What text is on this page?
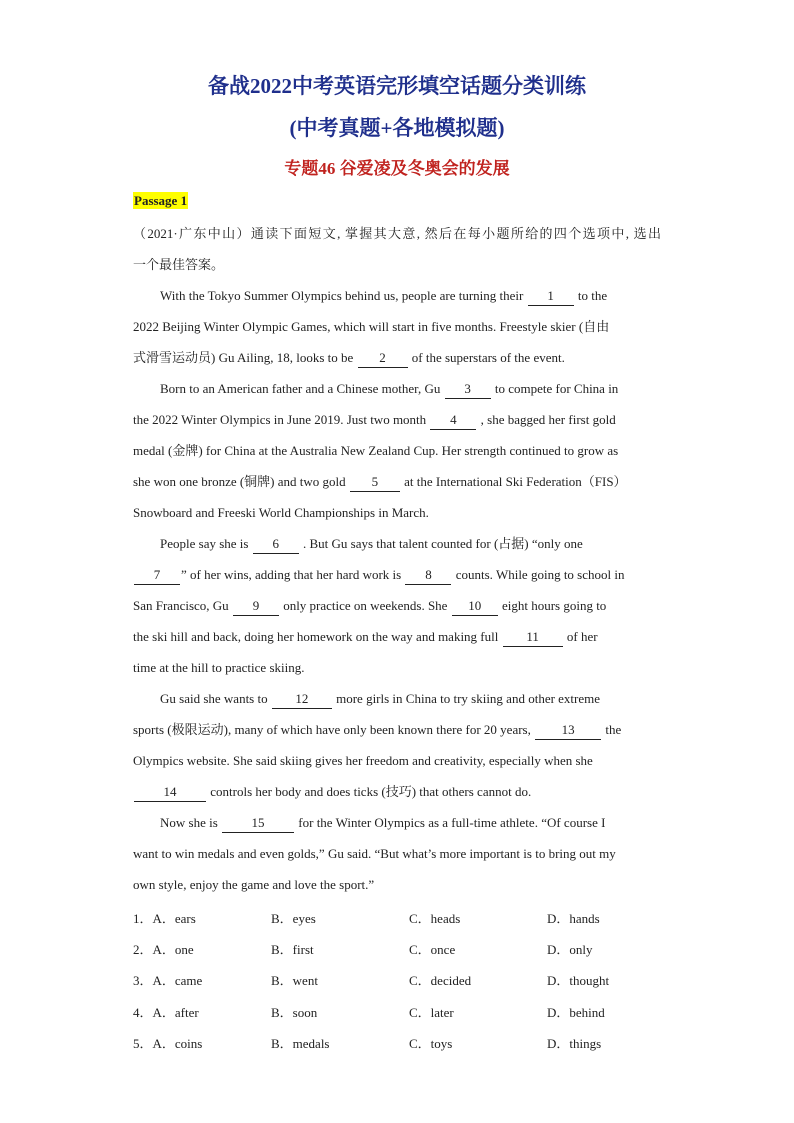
备战2022中考英语完形填空话题分类训练
(中考真题+各地模拟题)
专题46 谷爱凌及冬奥会的发展
Passage 1
（2021·广东中山）通读下面短文, 掌握其大意, 然后在每小题所给的四个选项中, 选出
一个最佳答案。
With the Tokyo Summer Olympics behind us, people are turning their 1 to the
2022 Beijing Winter Olympic Games, which will start in five months. Freestyle skier (自由
式滑雪运动员) Gu Ailing, 18, looks to be 2 of the superstars of the event.
Born to an American father and a Chinese mother, Gu 3 to compete for China in
the 2022 Winter Olympics in June 2019. Just two month 4 , she bagged her first gold
medal (金牌) for China at the Australia New Zealand Cup. Her strength continued to grow as
she won one bronze (铜牌) and two gold 5 at the International Ski Federation（FIS）
Snowboard and Freeski World Championships in March.
People say she is 6 . But Gu says that talent counted for (占据) “only one
7 ” of her wins, adding that her hard work is 8 counts. While going to school in
San Francisco, Gu 9 only practice on weekends. She 10 eight hours going to
the ski hill and back, doing her homework on the way and making full 11 of her
time at the hill to practice skiing.
Gu said she wants to 12 more girls in China to try skiing and other extreme
sports (极限运动), many of which have only been known there for 20 years, 13 the
Olympics website. She said skiing gives her freedom and creativity, especially when she
14	controls her body and does ticks (技巧) that others cannot do.
Now she is	15	for the Winter Olympics as a full-time athlete. “Of course I
want to win medals and even golds,” Gu said. “But what’s more important is to bring out my
own style, enjoy the game and love the sport.”
1．A．ears	B．eyes	C．heads	D．hands
2．A．one	B．first	C．once	D．only
3．A．came	B．went	C．decided	D．thought
4．A．after	B．soon	C．later	D．behind
5．A．coins	B．medals	C．toys	D．things
